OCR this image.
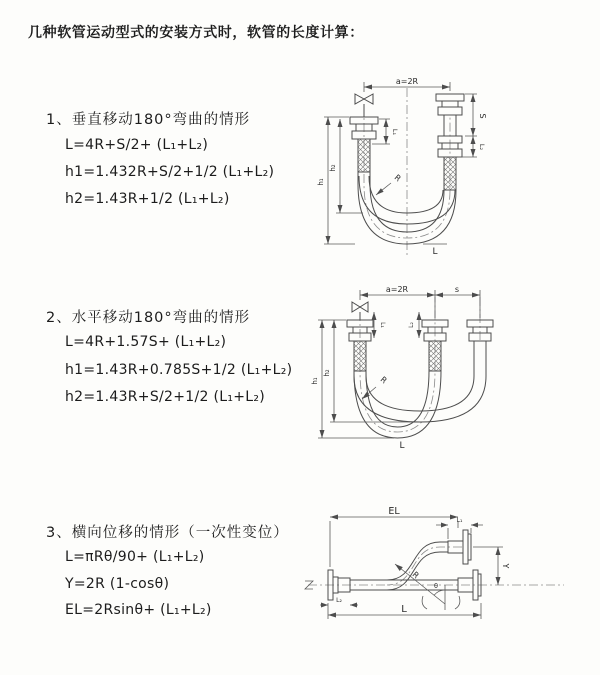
几种软管运动型式的安装方式时，软管的长度计算：
1、垂直移动180°弯曲的情形
L=4R+S/2+ (L₁+L₂)
h1=1.432R+S/2+1/2 (L₁+L₂)
h2=1.43R+1/2 (L₁+L₂)
2、水平移动180°弯曲的情形
L=4R+1.57S+ (L₁+L₂)
h1=1.43R+0.785S+1/2 (L₁+L₂)
h2=1.43R+S/2+1/2 (L₁+L₂)
3、横向位移的情形（一次性变位）
L=πRθ/90+ (L₁+L₂)
Y=2R (1-cosθ)
EL=2Rsinθ+ (L₁+L₂)
a=2R
S
L₂
L₁
h₁
h₂
R
L
a=2R	s
L₁	L₂
h₁
h₂
R
L
EL
L₁
Y
R
θ
L
L₂
